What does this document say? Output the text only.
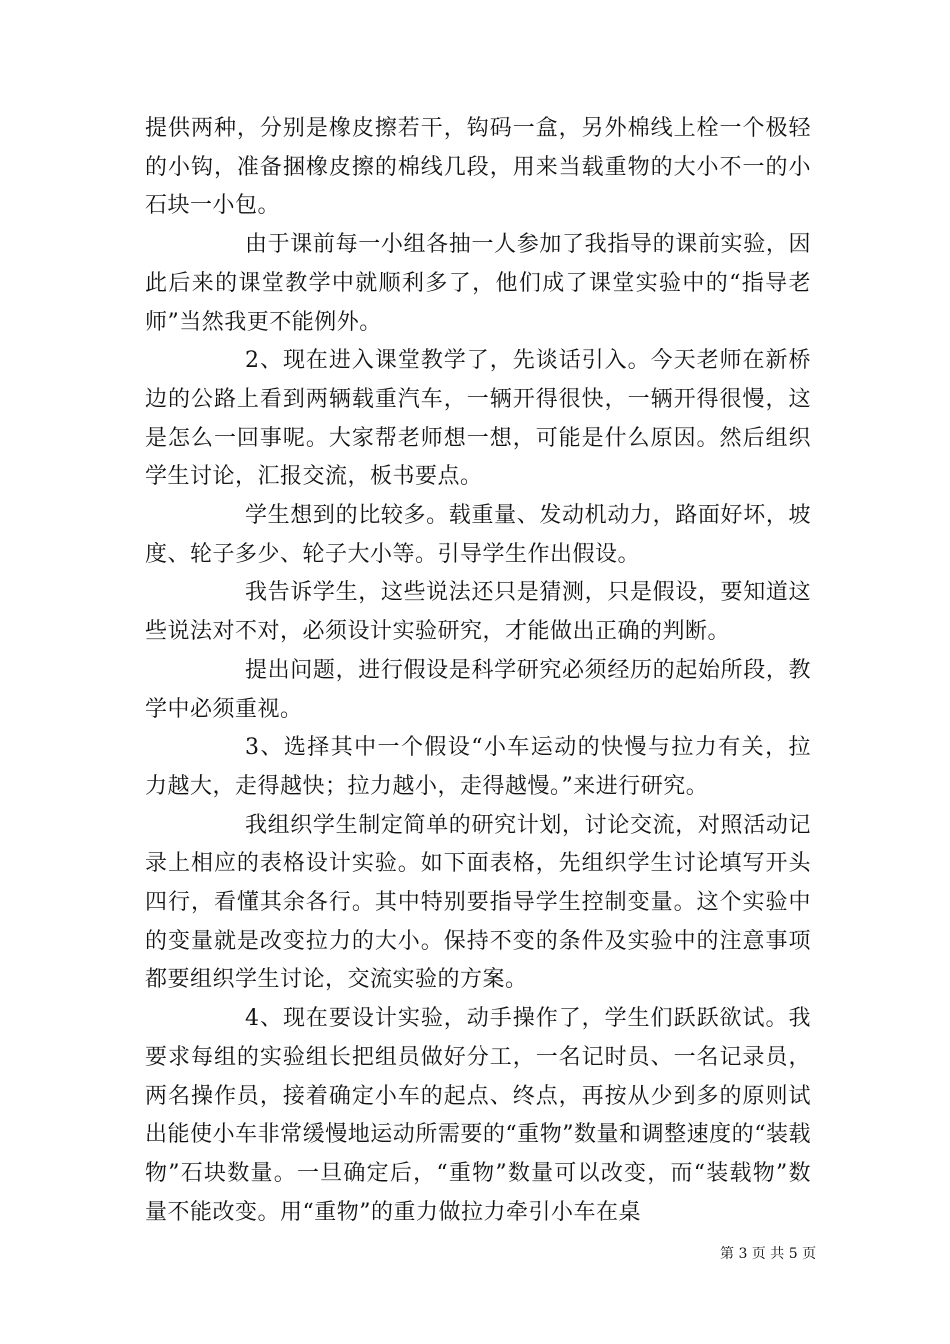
提供两种，分别是橡皮擦若干，钩码一盒，另外棉线上栓一个极轻的小钩，准备捆橡皮擦的棉线几段，用来当载重物的大小不一的小石块一小包。

由于课前每一小组各抽一人参加了我指导的课前实验，因此后来的课堂教学中就顺利多了，他们成了课堂实验中的“指导老师”当然我更不能例外。

2、现在进入课堂教学了，先谈话引入。今天老师在新桥边的公路上看到两辆载重汽车，一辆开得很快，一辆开得很慢，这是怎么一回事呢。大家帮老师想一想，可能是什么原因。然后组织学生讨论，汇报交流，板书要点。

学生想到的比较多。载重量、发动机动力，路面好坏，坡度、轮子多少、轮子大小等。引导学生作出假设。

我告诉学生，这些说法还只是猜测，只是假设，要知道这些说法对不对，必须设计实验研究，才能做出正确的判断。

提出问题，进行假设是科学研究必须经历的起始所段，教学中必须重视。

3、选择其中一个假设“小车运动的快慢与拉力有关，拉力越大，走得越快；拉力越小，走得越慢。”来进行研究。

我组织学生制定简单的研究计划，讨论交流，对照活动记录上相应的表格设计实验。如下面表格，先组织学生讨论填写开头四行，看懂其余各行。其中特别要指导学生控制变量。这个实验中的变量就是改变拉力的大小。保持不变的条件及实验中的注意事项都要组织学生讨论，交流实验的方案。

4、现在要设计实验，动手操作了，学生们跃跃欲试。我要求每组的实验组长把组员做好分工，一名记时员、一名记录员，两名操作员，接着确定小车的起点、终点，再按从少到多的原则试出能使小车非常缓慢地运动所需要的“重物”数量和调整速度的“装载物”石块数量。一旦确定后，“重物”数量可以改变，而“装载物”数量不能改变。用“重物”的重力做拉力牵引小车在桌

第 3 页 共 5 页
